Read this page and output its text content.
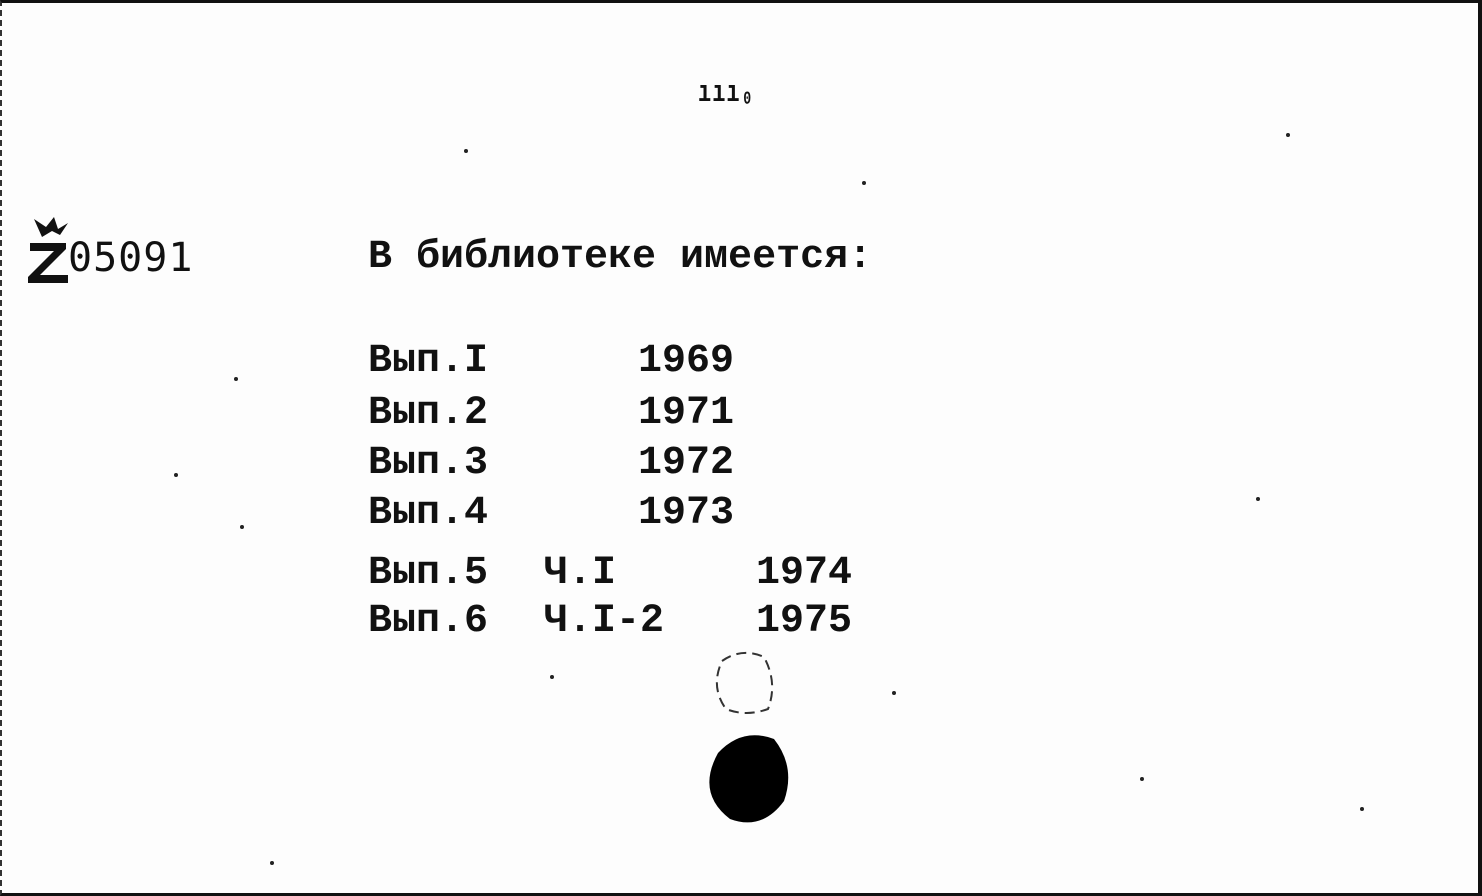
ııı₀
05091	В библиотеке имеется:
Вып.I	1969
Вып.2	1971
Вып.3	1972
Вып.4	1973
Вып.5 Ч.I	1974
Вып.6 Ч.I-2 1975
